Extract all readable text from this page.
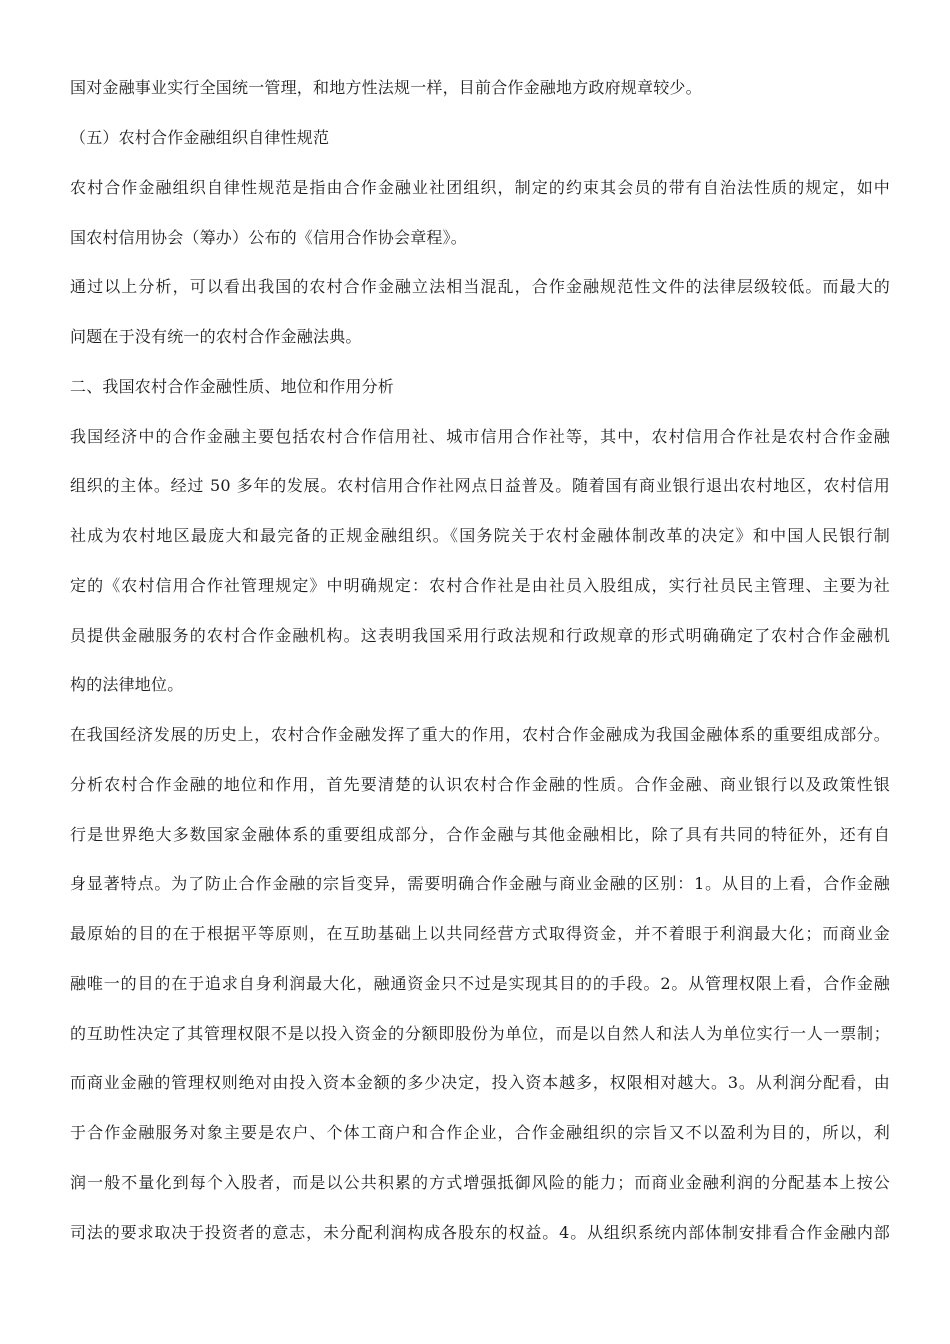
国对金融事业实行全国统一管理，和地方性法规一样，目前合作金融地方政府规章较少。
（五）农村合作金融组织自律性规范
农村合作金融组织自律性规范是指由合作金融业社团组织，制定的约束其会员的带有自治法性质的规定，如中
国农村信用协会（筹办）公布的《信用合作协会章程》。
通过以上分析，可以看出我国的农村合作金融立法相当混乱，合作金融规范性文件的法律层级较低。而最大的
问题在于没有统一的农村合作金融法典。
二、我国农村合作金融性质、地位和作用分析
我国经济中的合作金融主要包括农村合作信用社、城市信用合作社等，其中，农村信用合作社是农村合作金融
组织的主体。经过 50 多年的发展。农村信用合作社网点日益普及。随着国有商业银行退出农村地区，农村信用
社成为农村地区最庞大和最完备的正规金融组织。《国务院关于农村金融体制改革的决定》和中国人民银行制
定的《农村信用合作社管理规定》中明确规定：农村合作社是由社员入股组成，实行社员民主管理、主要为社
员提供金融服务的农村合作金融机构。这表明我国采用行政法规和行政规章的形式明确确定了农村合作金融机
构的法律地位。
在我国经济发展的历史上，农村合作金融发挥了重大的作用，农村合作金融成为我国金融体系的重要组成部分。
分析农村合作金融的地位和作用，首先要清楚的认识农村合作金融的性质。合作金融、商业银行以及政策性银
行是世界绝大多数国家金融体系的重要组成部分，合作金融与其他金融相比，除了具有共同的特征外，还有自
身显著特点。为了防止合作金融的宗旨变异，需要明确合作金融与商业金融的区别：1。从目的上看，合作金融
最原始的目的在于根据平等原则，在互助基础上以共同经营方式取得资金，并不着眼于利润最大化；而商业金
融唯一的目的在于追求自身利润最大化，融通资金只不过是实现其目的的手段。2。从管理权限上看，合作金融
的互助性决定了其管理权限不是以投入资金的分额即股份为单位，而是以自然人和法人为单位实行一人一票制；
而商业金融的管理权则绝对由投入资本金额的多少决定，投入资本越多，权限相对越大。3。从利润分配看，由
于合作金融服务对象主要是农户、个体工商户和合作企业，合作金融组织的宗旨又不以盈利为目的，所以，利
润一般不量化到每个入股者，而是以公共积累的方式增强抵御风险的能力；而商业金融利润的分配基本上按公
司法的要求取决于投资者的意志，未分配利润构成各股东的权益。4。从组织系统内部体制安排看合作金融内部
